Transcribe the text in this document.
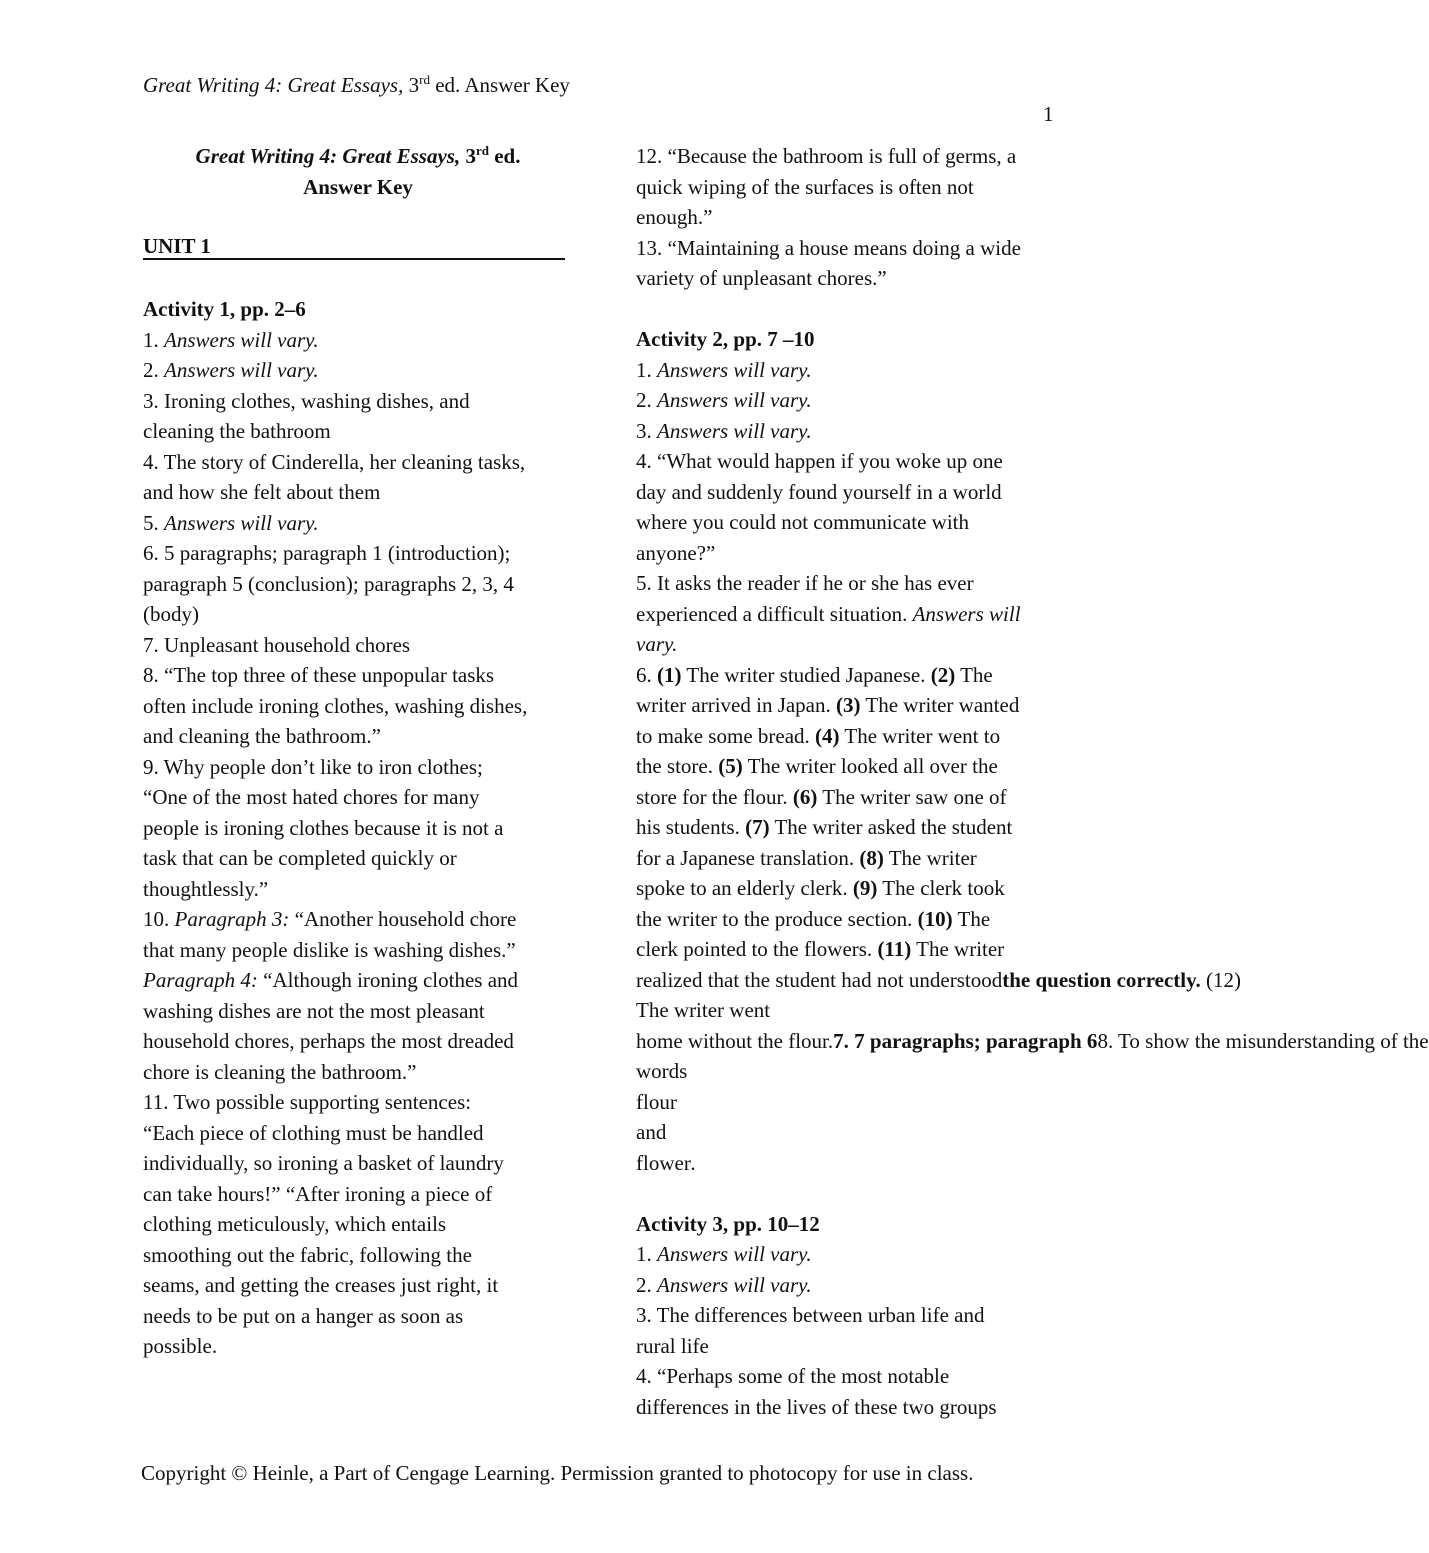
Great Writing 4: Great Essays, 3rd ed. Answer Key
1
Great Writing 4: Great Essays, 3rd ed.
Answer Key
UNIT 1
Activity 1, pp. 2–6
1. Answers will vary.
2. Answers will vary.
3. Ironing clothes, washing dishes, and
cleaning the bathroom
4. The story of Cinderella, her cleaning tasks,
and how she felt about them
5. Answers will vary.
6. 5 paragraphs; paragraph 1 (introduction);
paragraph 5 (conclusion); paragraphs 2, 3, 4
(body)
7. Unpleasant household chores
8. “The top three of these unpopular tasks
often include ironing clothes, washing dishes,
and cleaning the bathroom.”
9. Why people don’t like to iron clothes;
“One of the most hated chores for many
people is ironing clothes because it is not a
task that can be completed quickly or
thoughtlessly.”
10. Paragraph 3: “Another household chore
that many people dislike is washing dishes.”
Paragraph 4: “Although ironing clothes and
washing dishes are not the most pleasant
household chores, perhaps the most dreaded
chore is cleaning the bathroom.”
11. Two possible supporting sentences:
“Each piece of clothing must be handled
individually, so ironing a basket of laundry
can take hours!” “After ironing a piece of
clothing meticulously, which entails
smoothing out the fabric, following the
seams, and getting the creases just right, it
needs to be put on a hanger as soon as
possible.
12. “Because the bathroom is full of germs, a
quick wiping of the surfaces is often not
enough.”
13. “Maintaining a house means doing a wide
variety of unpleasant chores.”
Activity 2, pp. 7 –10
1. Answers will vary.
2. Answers will vary.
3. Answers will vary.
4. “What would happen if you woke up one
day and suddenly found yourself in a world
where you could not communicate with
anyone?”
5. It asks the reader if he or she has ever
experienced a difficult situation. Answers will
vary.
6. (1) The writer studied Japanese. (2) The
writer arrived in Japan. (3) The writer wanted
to make some bread. (4) The writer went to
the store. (5) The writer looked all over the
store for the flour. (6) The writer saw one of
his students. (7) The writer asked the student
for a Japanese translation. (8) The writer
spoke to an elderly clerk. (9) The clerk took
the writer to the produce section. (10) The
clerk pointed to the flowers. (11) The writer
realized that the student had not understoodthe question correctly. (12)
The writer went
home without the flour.7. 7 paragraphs; paragraph 68. To show the misunderstanding of the
words
flour
and
flower.
Activity 3, pp. 10–12
1. Answers will vary.
2. Answers will vary.
3. The differences between urban life and
rural life
4. “Perhaps some of the most notable
differences in the lives of these two groups
Copyright © Heinle, a Part of Cengage Learning. Permission granted to photocopy for use in class.
